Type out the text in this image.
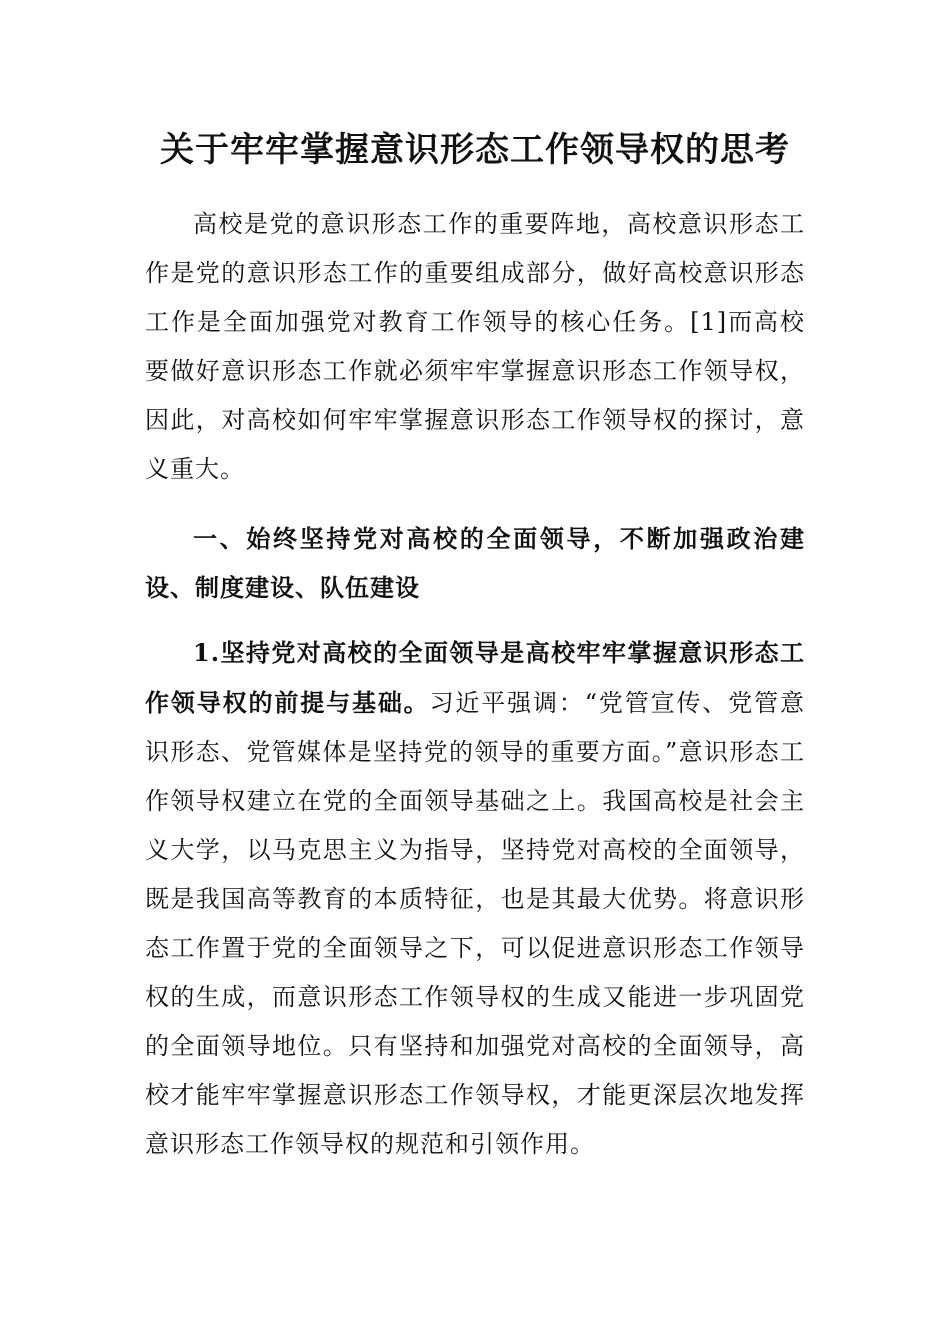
关于牢牢掌握意识形态工作领导权的思考

高校是党的意识形态工作的重要阵地，高校意识形态工作是党的意识形态工作的重要组成部分，做好高校意识形态工作是全面加强党对教育工作领导的核心任务。[1]而高校要做好意识形态工作就必须牢牢掌握意识形态工作领导权，因此，对高校如何牢牢掌握意识形态工作领导权的探讨，意义重大。

一、始终坚持党对高校的全面领导，不断加强政治建设、制度建设、队伍建设

1.坚持党对高校的全面领导是高校牢牢掌握意识形态工作领导权的前提与基础。习近平强调：“党管宣传、党管意识形态、党管媒体是坚持党的领导的重要方面。”意识形态工作领导权建立在党的全面领导基础之上。我国高校是社会主义大学，以马克思主义为指导，坚持党对高校的全面领导，既是我国高等教育的本质特征，也是其最大优势。将意识形态工作置于党的全面领导之下，可以促进意识形态工作领导权的生成，而意识形态工作领导权的生成又能进一步巩固党的全面领导地位。只有坚持和加强党对高校的全面领导，高校才能牢牢掌握意识形态工作领导权，才能更深层次地发挥意识形态工作领导权的规范和引领作用。
